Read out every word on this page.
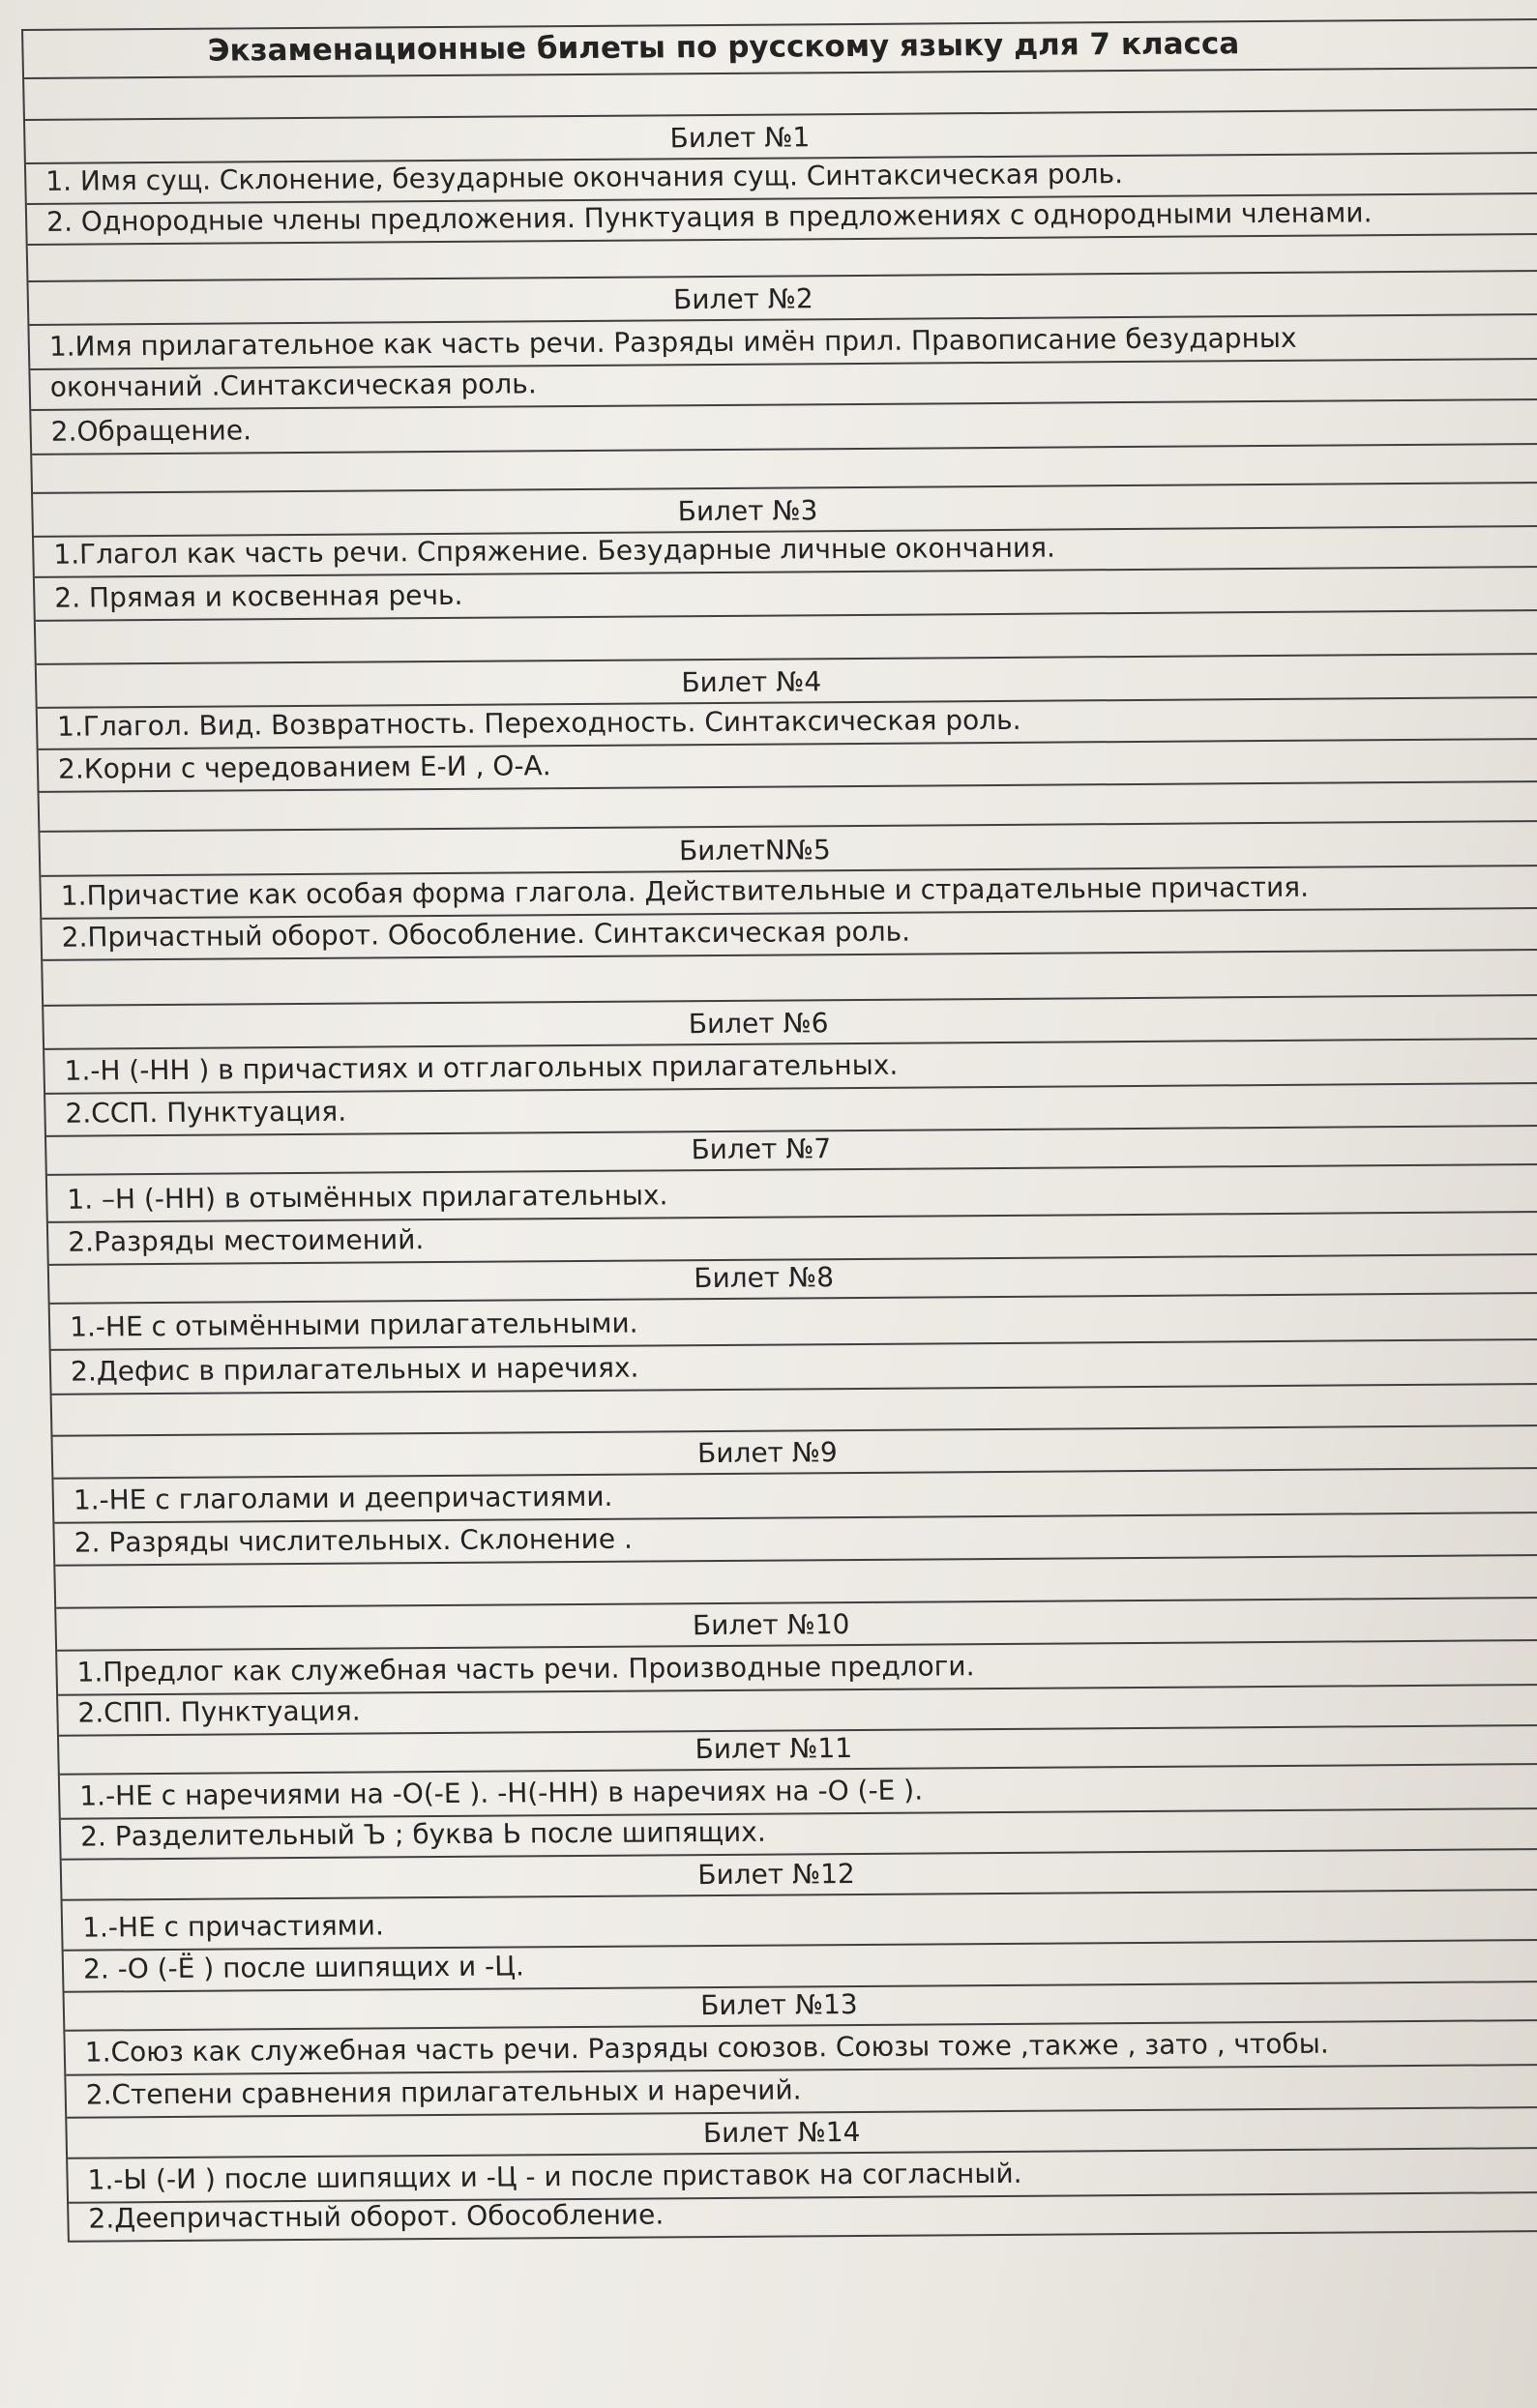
Экзаменационные билеты по русскому языку для 7 класса
Билет №1
1. Имя сущ. Склонение, безударные окончания сущ. Синтаксическая роль.
2. Однородные члены предложения. Пунктуация в предложениях с однородными членами.
Билет №2
1.Имя прилагательное как часть речи. Разряды имён прил. Правописание безударных
окончаний .Синтаксическая роль.
2.Обращение.
Билет №3
1.Глагол как часть речи. Спряжение. Безударные личные окончания.
2. Прямая и косвенная речь.
Билет №4
1.Глагол. Вид. Возвратность. Переходность. Синтаксическая роль.
2.Корни с чередованием Е-И , О-А.
БилетN№5
1.Причастие как особая форма глагола. Действительные и страдательные причастия.
2.Причастный оборот. Обособление. Синтаксическая роль.
Билет №6
1.-Н (-НН ) в причастиях и отглагольных прилагательных.
2.ССП. Пунктуация.
Билет №7
1. –Н (-НН) в отымённых прилагательных.
2.Разряды местоимений.
Билет №8
1.-НЕ с отымёнными прилагательными.
2.Дефис в прилагательных и наречиях.
Билет №9
1.-НЕ с глаголами и деепричастиями.
2. Разряды числительных. Склонение .
Билет №10
1.Предлог как служебная часть речи. Производные предлоги.
2.СПП. Пунктуация.
Билет №11
1.-НЕ с наречиями на -О(-Е ). -Н(-НН) в наречиях на -О (-Е ).
2. Разделительный Ъ ; буква Ь после шипящих.
Билет №12
1.-НЕ с причастиями.
2. -О (-Ё ) после шипящих и -Ц.
Билет №13
1.Союз как служебная часть речи. Разряды союзов. Союзы тоже ,также , зато , чтобы.
2.Степени сравнения прилагательных и наречий.
Билет №14
1.-Ы (-И ) после шипящих и -Ц - и после приставок на согласный.
2.Деепричастный оборот. Обособление.
